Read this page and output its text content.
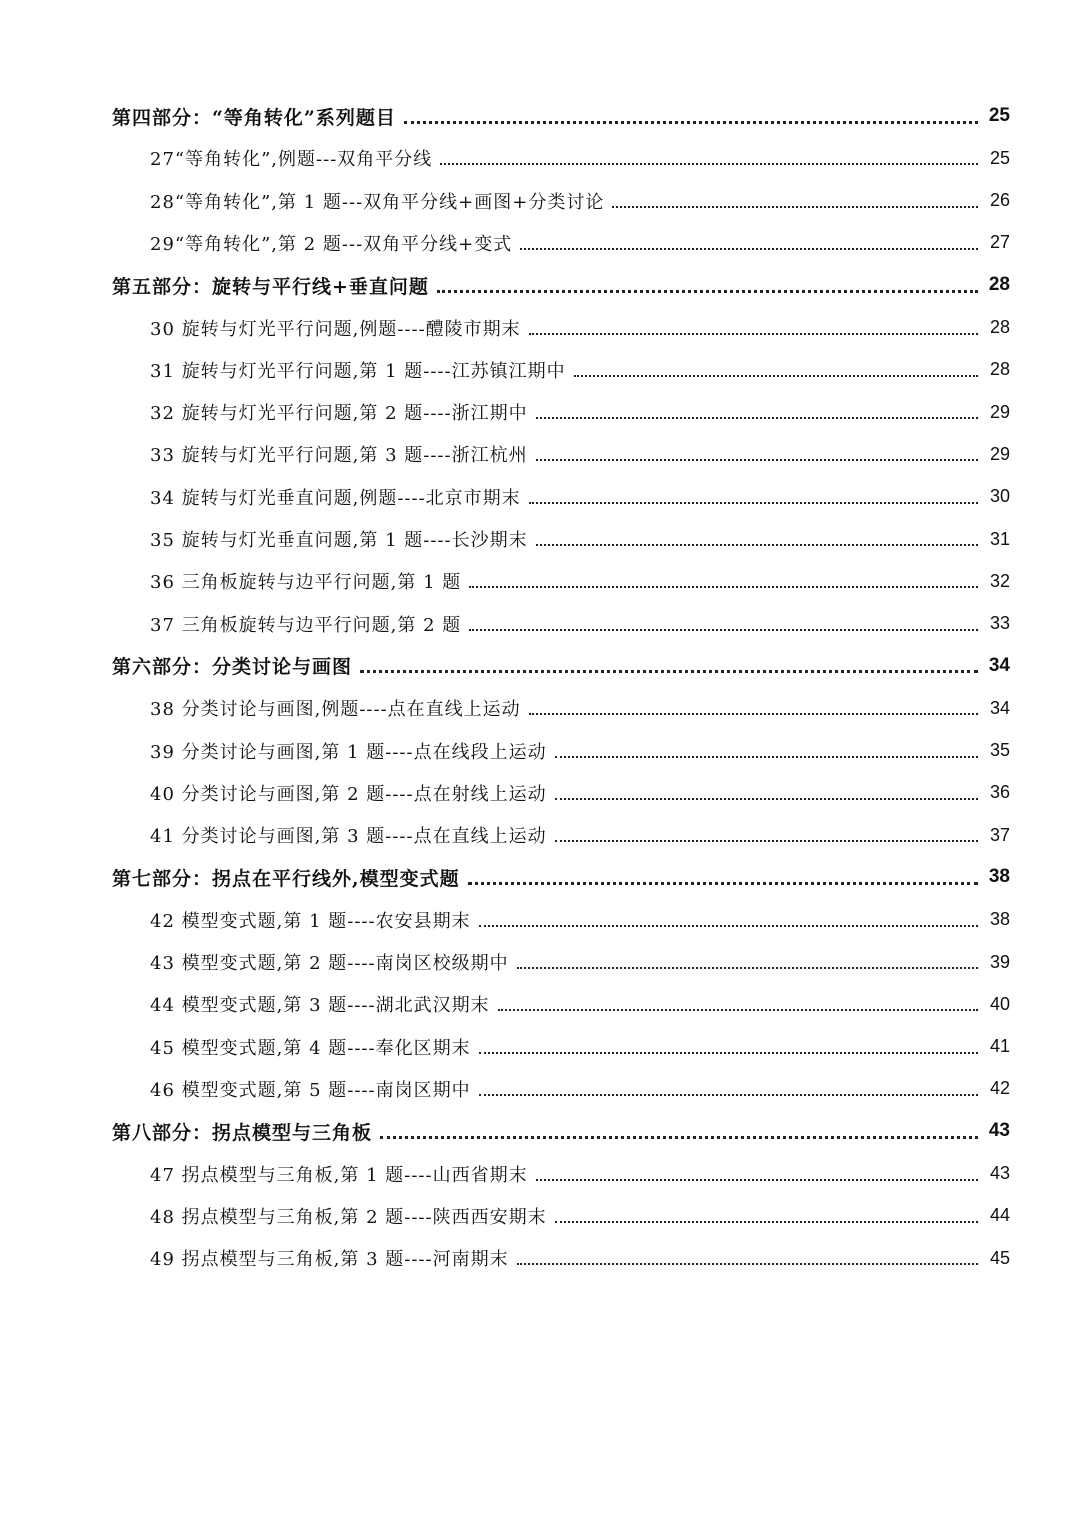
第四部分：“等角转化”系列题目	25
27“等角转化”,例题---双角平分线	25
28“等角转化”,第 1 题---双角平分线+画图+分类讨论	26
29“等角转化”,第 2 题---双角平分线+变式	27
第五部分：旋转与平行线+垂直问题	28
30 旋转与灯光平行问题,例题----醴陵市期末	28
31 旋转与灯光平行问题,第 1 题----江苏镇江期中	28
32 旋转与灯光平行问题,第 2 题----浙江期中	29
33 旋转与灯光平行问题,第 3 题----浙江杭州	29
34 旋转与灯光垂直问题,例题----北京市期末	30
35 旋转与灯光垂直问题,第 1 题----长沙期末	31
36 三角板旋转与边平行问题,第 1 题	32
37 三角板旋转与边平行问题,第 2 题	33
第六部分：分类讨论与画图	34
38 分类讨论与画图,例题----点在直线上运动	34
39 分类讨论与画图,第 1 题----点在线段上运动	35
40 分类讨论与画图,第 2 题----点在射线上运动	36
41 分类讨论与画图,第 3 题----点在直线上运动	37
第七部分：拐点在平行线外,模型变式题	38
42 模型变式题,第 1 题----农安县期末	38
43 模型变式题,第 2 题----南岗区校级期中	39
44 模型变式题,第 3 题----湖北武汉期末	40
45 模型变式题,第 4 题----奉化区期末	41
46 模型变式题,第 5 题----南岗区期中	42
第八部分：拐点模型与三角板	43
47 拐点模型与三角板,第 1 题----山西省期末	43
48 拐点模型与三角板,第 2 题----陕西西安期末	44
49 拐点模型与三角板,第 3 题----河南期末	45
